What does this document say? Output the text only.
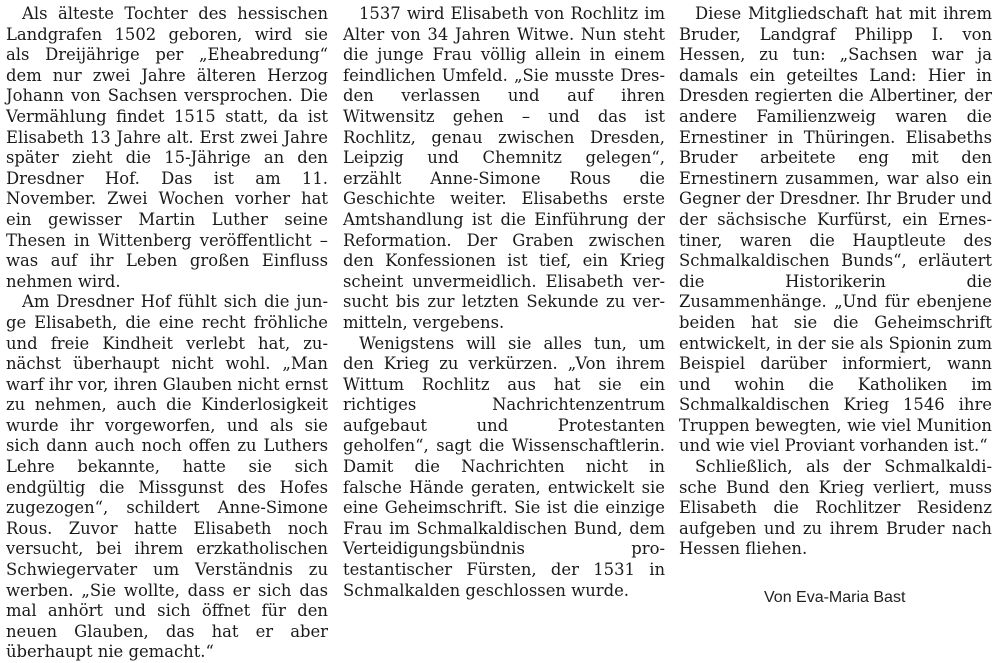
Als älteste Tochter des hessischen Landgrafen 1502 geboren, wird sie als Dreijährige per „Eheabredung“ dem nur zwei Jahre älteren Herzog Johann von Sachsen versprochen. Die Vermählung findet 1515 statt, da ist Elisabeth 13 Jahre alt. Erst zwei Jahre später zieht die 15-Jährige an den Dresdner Hof. Das ist am 11. November. Zwei Wochen vorher hat ein gewisser Martin Luther seine Thesen in Wittenberg veröffentlicht – was auf ihr Leben großen Einfluss nehmen wird.

Am Dresdner Hof fühlt sich die junge Elisabeth, die eine recht fröhliche und freie Kindheit verlebt hat, zunächst überhaupt nicht wohl. „Man warf ihr vor, ihren Glauben nicht ernst zu nehmen, auch die Kinderlosigkeit wurde ihr vorgeworfen, und als sie sich dann auch noch offen zu Luthers Lehre bekannte, hatte sie sich endgültig die Missgunst des Hofes zugezogen“, schildert Anne-Simone Rous. Zuvor hatte Elisabeth noch versucht, bei ihrem erzkatholischen Schwiegervater um Verständnis zu werben. „Sie wollte, dass er sich das mal anhört und sich öffnet für den neuen Glauben, das hat er aber überhaupt nie gemacht.“

1537 wird Elisabeth von Rochlitz im Alter von 34 Jahren Witwe. Nun steht die junge Frau völlig allein in einem feindlichen Umfeld. „Sie musste Dresden verlassen und auf ihren Witwensitz gehen – und das ist Rochlitz, genau zwischen Dresden, Leipzig und Chemnitz gelegen“, erzählt Anne-Simone Rous die Geschichte weiter. Elisabeths erste Amtshandlung ist die Einführung der Reformation. Der Graben zwischen den Konfessionen ist tief, ein Krieg scheint unvermeidlich. Elisabeth versucht bis zur letzten Sekunde zu vermitteln, vergebens.

Wenigstens will sie alles tun, um den Krieg zu verkürzen. „Von ihrem Wittum Rochlitz aus hat sie ein richtiges Nachrichtenzentrum aufgebaut und Protestanten geholfen“, sagt die Wissenschaftlerin. Damit die Nachrichten nicht in falsche Hände geraten, entwickelt sie eine Geheimschrift. Sie ist die einzige Frau im Schmalkaldischen Bund, dem Verteidigungsbündnis protestantischer Fürsten, der 1531 in Schmalkalden geschlossen wurde.

Diese Mitgliedschaft hat mit ihrem Bruder, Landgraf Philipp I. von Hessen, zu tun: „Sachsen war ja damals ein geteiltes Land: Hier in Dresden regierten die Albertiner, der andere Familienzweig waren die Ernestiner in Thüringen. Elisabeths Bruder arbeitete eng mit den Ernestinern zusammen, war also ein Gegner der Dresdner. Ihr Bruder und der sächsische Kurfürst, ein Ernestiner, waren die Hauptleute des Schmalkaldischen Bunds“, erläutert die Historikerin die Zusammenhänge. „Und für ebenjene beiden hat sie die Geheimschrift entwickelt, in der sie als Spionin zum Beispiel darüber informiert, wann und wohin die Katholiken im Schmalkaldischen Krieg 1546 ihre Truppen bewegten, wie viel Munition und wie viel Proviant vorhanden ist.“

Schließlich, als der Schmalkaldische Bund den Krieg verliert, muss Elisabeth die Rochlitzer Residenz aufgeben und zu ihrem Bruder nach Hessen fliehen.

Von Eva-Maria Bast
